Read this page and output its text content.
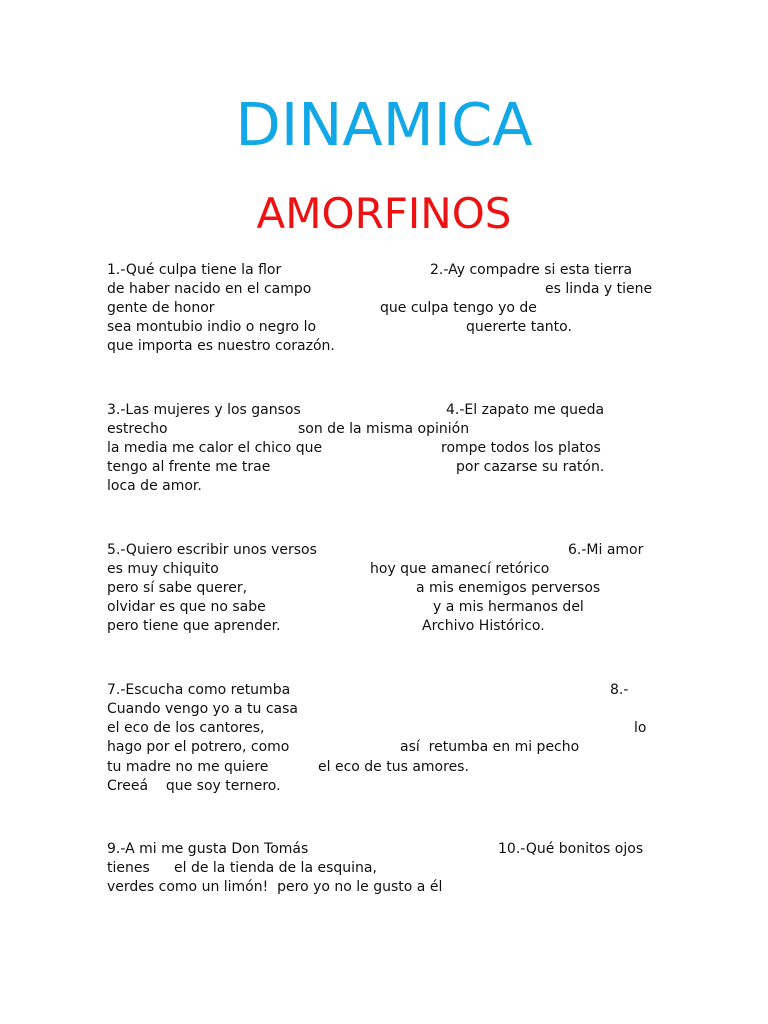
DINAMICA
AMORFINOS
1.-Qué culpa tiene la flor	2.-Ay compadre si esta tierra
de haber nacido en el campo	es linda y tiene
gente de honor	que culpa tengo yo de
sea montubio indio o negro lo	quererte tanto.
que importa es nuestro corazón.
3.-Las mujeres y los gansos	4.-El zapato me queda
estrecho	son de la misma opinión
la media me calor el chico que	rompe todos los platos
tengo al frente me trae	por cazarse su ratón.
loca de amor.
5.-Quiero escribir unos versos	6.-Mi amor
es muy chiquito	hoy que amanecí retórico
pero sí sabe querer,	a mis enemigos perversos
olvidar es que no sabe	y a mis hermanos del
pero tiene que aprender.	Archivo Histórico.
7.-Escucha como retumba	8.-
Cuando vengo yo a tu casa
el eco de los cantores,	lo
hago por el potrero, como	así  retumba en mi pecho
tu madre no me quiere	el eco de tus amores.
Creeá    que soy ternero.
9.-A mi me gusta Don Tomás	10.-Qué bonitos ojos
tienes el de la tienda de la esquina,
verdes como un limón!  pero yo no le gusto a él
